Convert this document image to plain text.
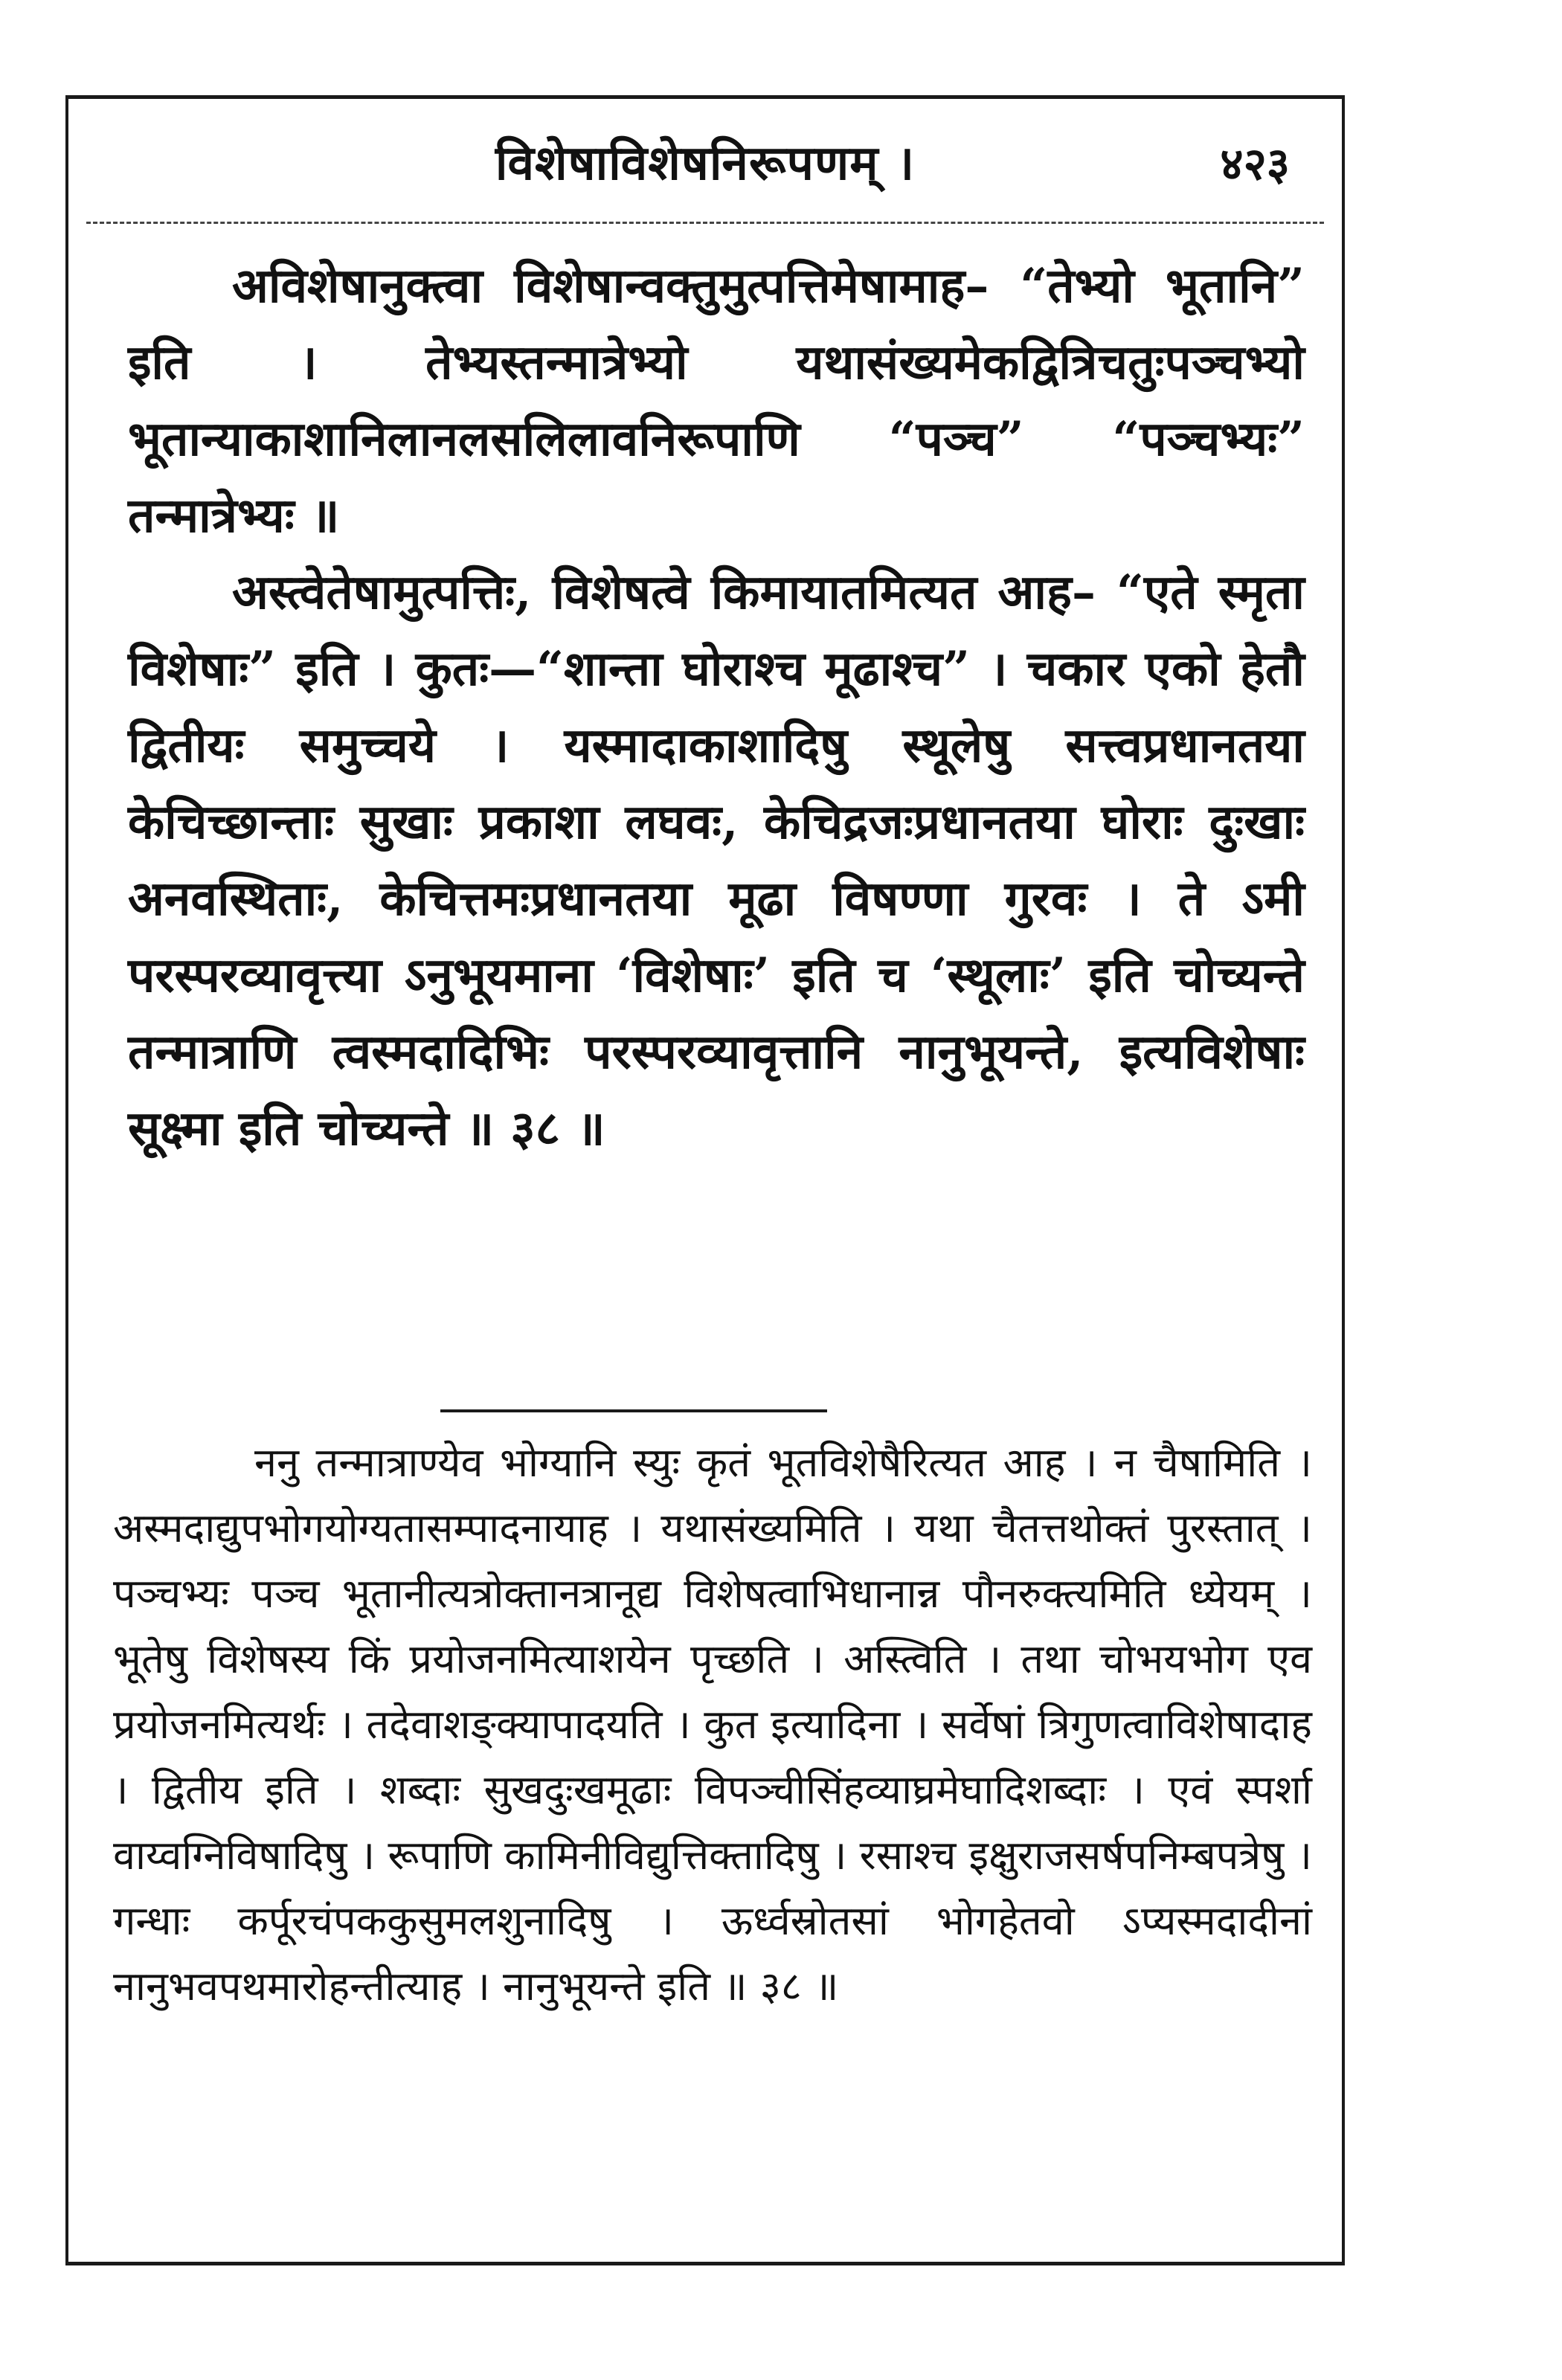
विशेषाविशेषनिरूपणम् ।	४२३

अविशेषानुक्त्वा विशेषान्वक्तुमुत्पत्तिमेषामाह– “तेभ्यो भूतानि” इति । तेभ्यस्तन्मात्रेभ्यो यथासंख्यमेकद्वित्रिचतुःपञ्चभ्यो भूतान्याकाशानिलानलसलिलावनिरूपाणि “पञ्च” “पञ्चभ्यः” तन्मात्रेभ्यः ॥

अस्त्वेतेषामुत्पत्तिः, विशेषत्वे किमायातमित्यत आह– “एते स्मृता विशेषाः” इति । कुतः—“शान्ता घोराश्च मूढाश्च” । चकार एको हेतौ द्वितीयः समुच्चये । यस्मादाकाशादिषु स्थूलेषु सत्त्वप्रधानतया केचिच्छान्ताः सुखाः प्रकाशा लघवः, केचिद्रजःप्रधानतया घोराः दुःखाः अनवस्थिताः, केचित्तमःप्रधानतया मूढा विषण्णा गुरवः । ते ऽमी परस्परव्यावृत्त्या ऽनुभूयमाना ‘विशेषाः’ इति च ‘स्थूलाः’ इति चोच्यन्ते तन्मात्राणि त्वस्मदादिभिः परस्परव्यावृत्तानि नानुभूयन्ते, इत्यविशेषाः सूक्ष्मा इति चोच्यन्ते ॥ ३८ ॥

ननु तन्मात्राण्येव भोग्यानि स्युः कृतं भूतविशेषैरित्यत आह । न चैषामिति । अस्मदाद्युपभोगयोग्यतासम्पादनायाह । यथासंख्यमिति । यथा चैतत्तथोक्तं पुरस्तात् । पञ्चभ्यः पञ्च भूतानीत्यत्रोक्तानत्रानूद्य विशेषत्वाभिधानान्न पौनरुक्त्यमिति ध्येयम् । भूतेषु विशेषस्य किं प्रयोजनमित्याशयेन पृच्छति । अस्त्विति । तथा चोभयभोग एव प्रयोजनमित्यर्थः । तदेवाशङ्क्यापादयति । कुत इत्यादिना । सर्वेषां त्रिगुणत्वाविशेषादाह । द्वितीय इति । शब्दाः सुखदुःखमूढाः विपञ्चीसिंहव्याघ्रमेघादिशब्दाः । एवं स्पर्शा वाय्वग्निविषादिषु । रूपाणि कामिनीविद्युत्तिक्तादिषु । रसाश्च इक्षुराजसर्षपनिम्बपत्रेषु । गन्धाः कर्पूरचंपककुसुमलशुनादिषु । ऊर्ध्वस्रोतसां भोगहेतवो ऽप्यस्मदादीनां नानुभवपथमारोहन्तीत्याह । नानुभूयन्ते इति ॥ ३८ ॥
